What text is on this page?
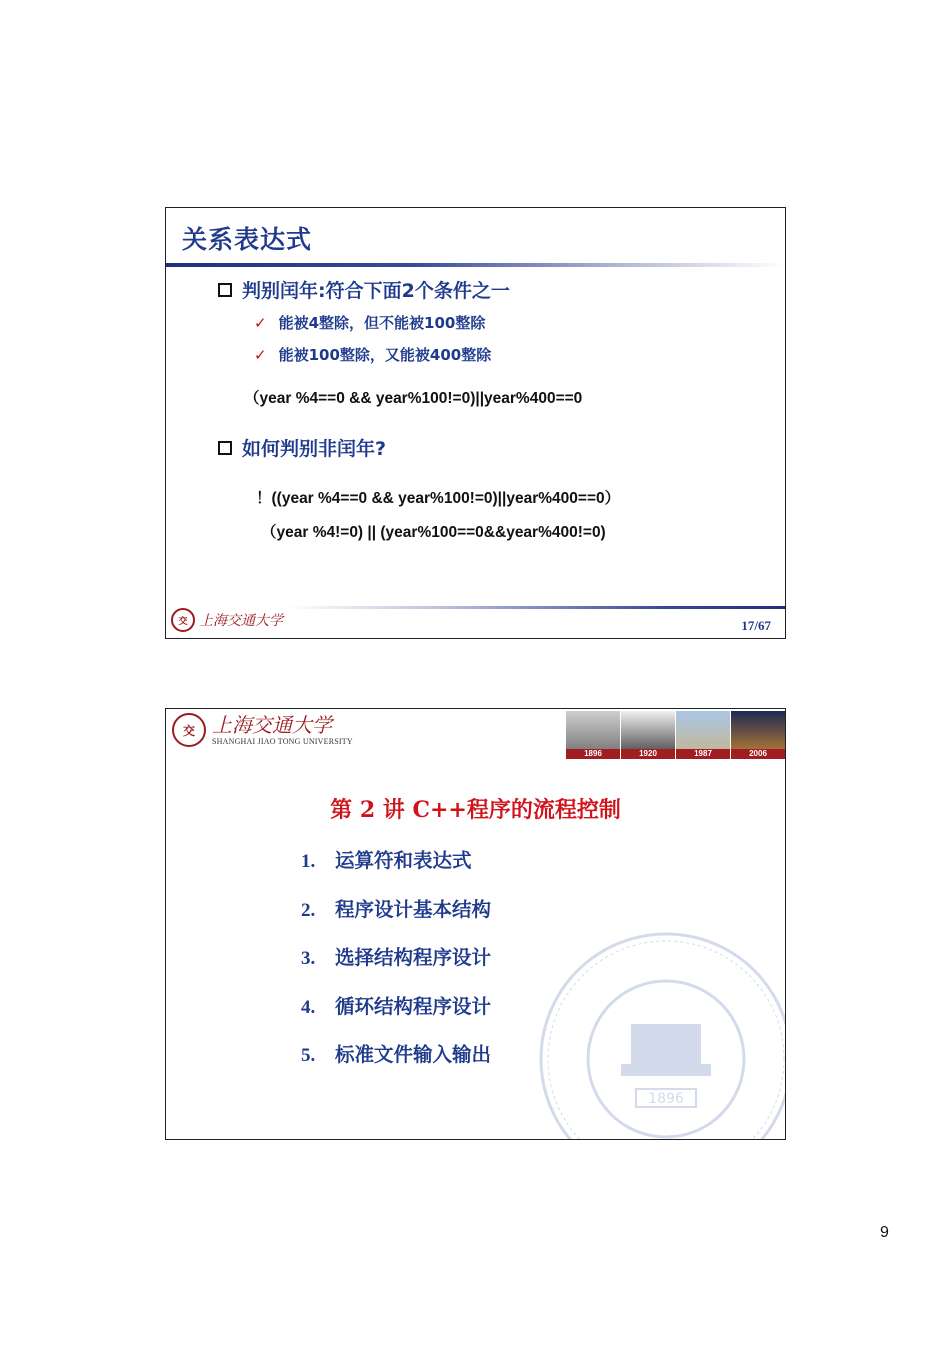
关系表达式
判别闰年:符合下面2个条件之一
✓ 能被4整除，但不能被100整除
✓ 能被100整除，又能被400整除
（year %4==0 && year%100!=0)||year%400==0
如何判别非闰年?
！((year %4==0 && year%100!=0)||year%400==0）
（year %4!=0) || (year%100==0&&year%400!=0)
交 上海交通大学	17/67
交 上海交通大学
SHANGHAI JIAO TONG UNIVERSITY
1896	1920	1987	2006
1896
第 2 讲 C++程序的流程控制
1.	运算符和表达式
2.	程序设计基本结构
3.	选择结构程序设计
4.	循环结构程序设计
5.	标准文件输入输出
9
